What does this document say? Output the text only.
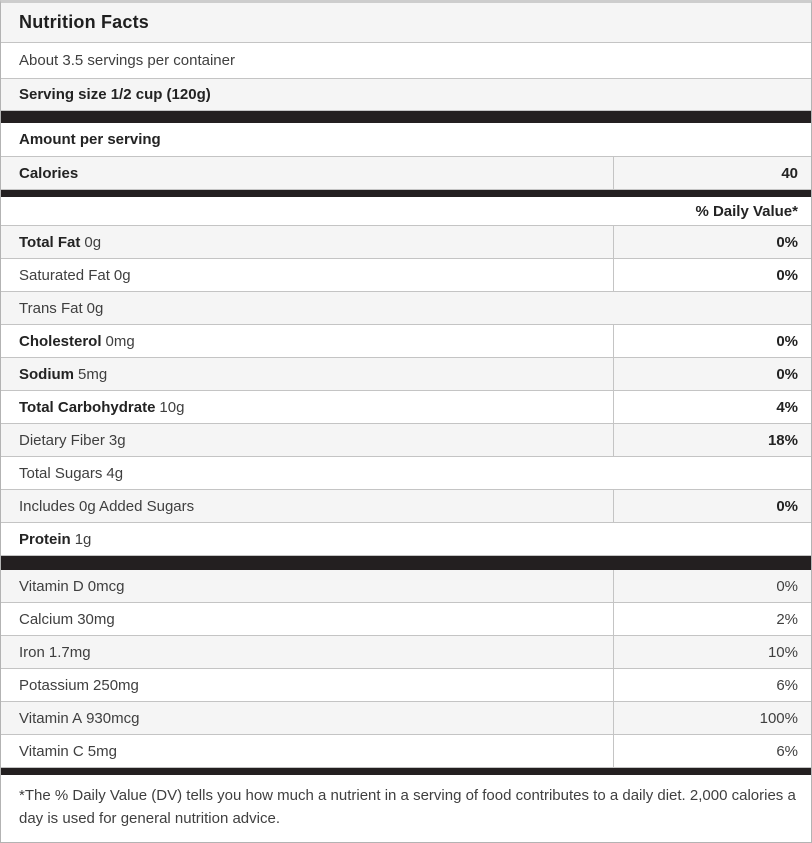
Nutrition Facts
About 3.5 servings per container
Serving size 1/2 cup (120g)
Amount per serving
Calories	40
% Daily Value*
Total Fat 0g	0%
Saturated Fat 0g	0%
Trans Fat 0g
Cholesterol 0mg	0%
Sodium 5mg	0%
Total Carbohydrate 10g	4%
Dietary Fiber 3g	18%
Total Sugars 4g
Includes 0g Added Sugars	0%
Protein 1g
Vitamin D 0mcg	0%
Calcium 30mg	2%
Iron 1.7mg	10%
Potassium 250mg	6%
Vitamin A 930mcg	100%
Vitamin C 5mg	6%
*The % Daily Value (DV) tells you how much a nutrient in a serving of food contributes to a daily diet. 2,000 calories a day is used for general nutrition advice.
